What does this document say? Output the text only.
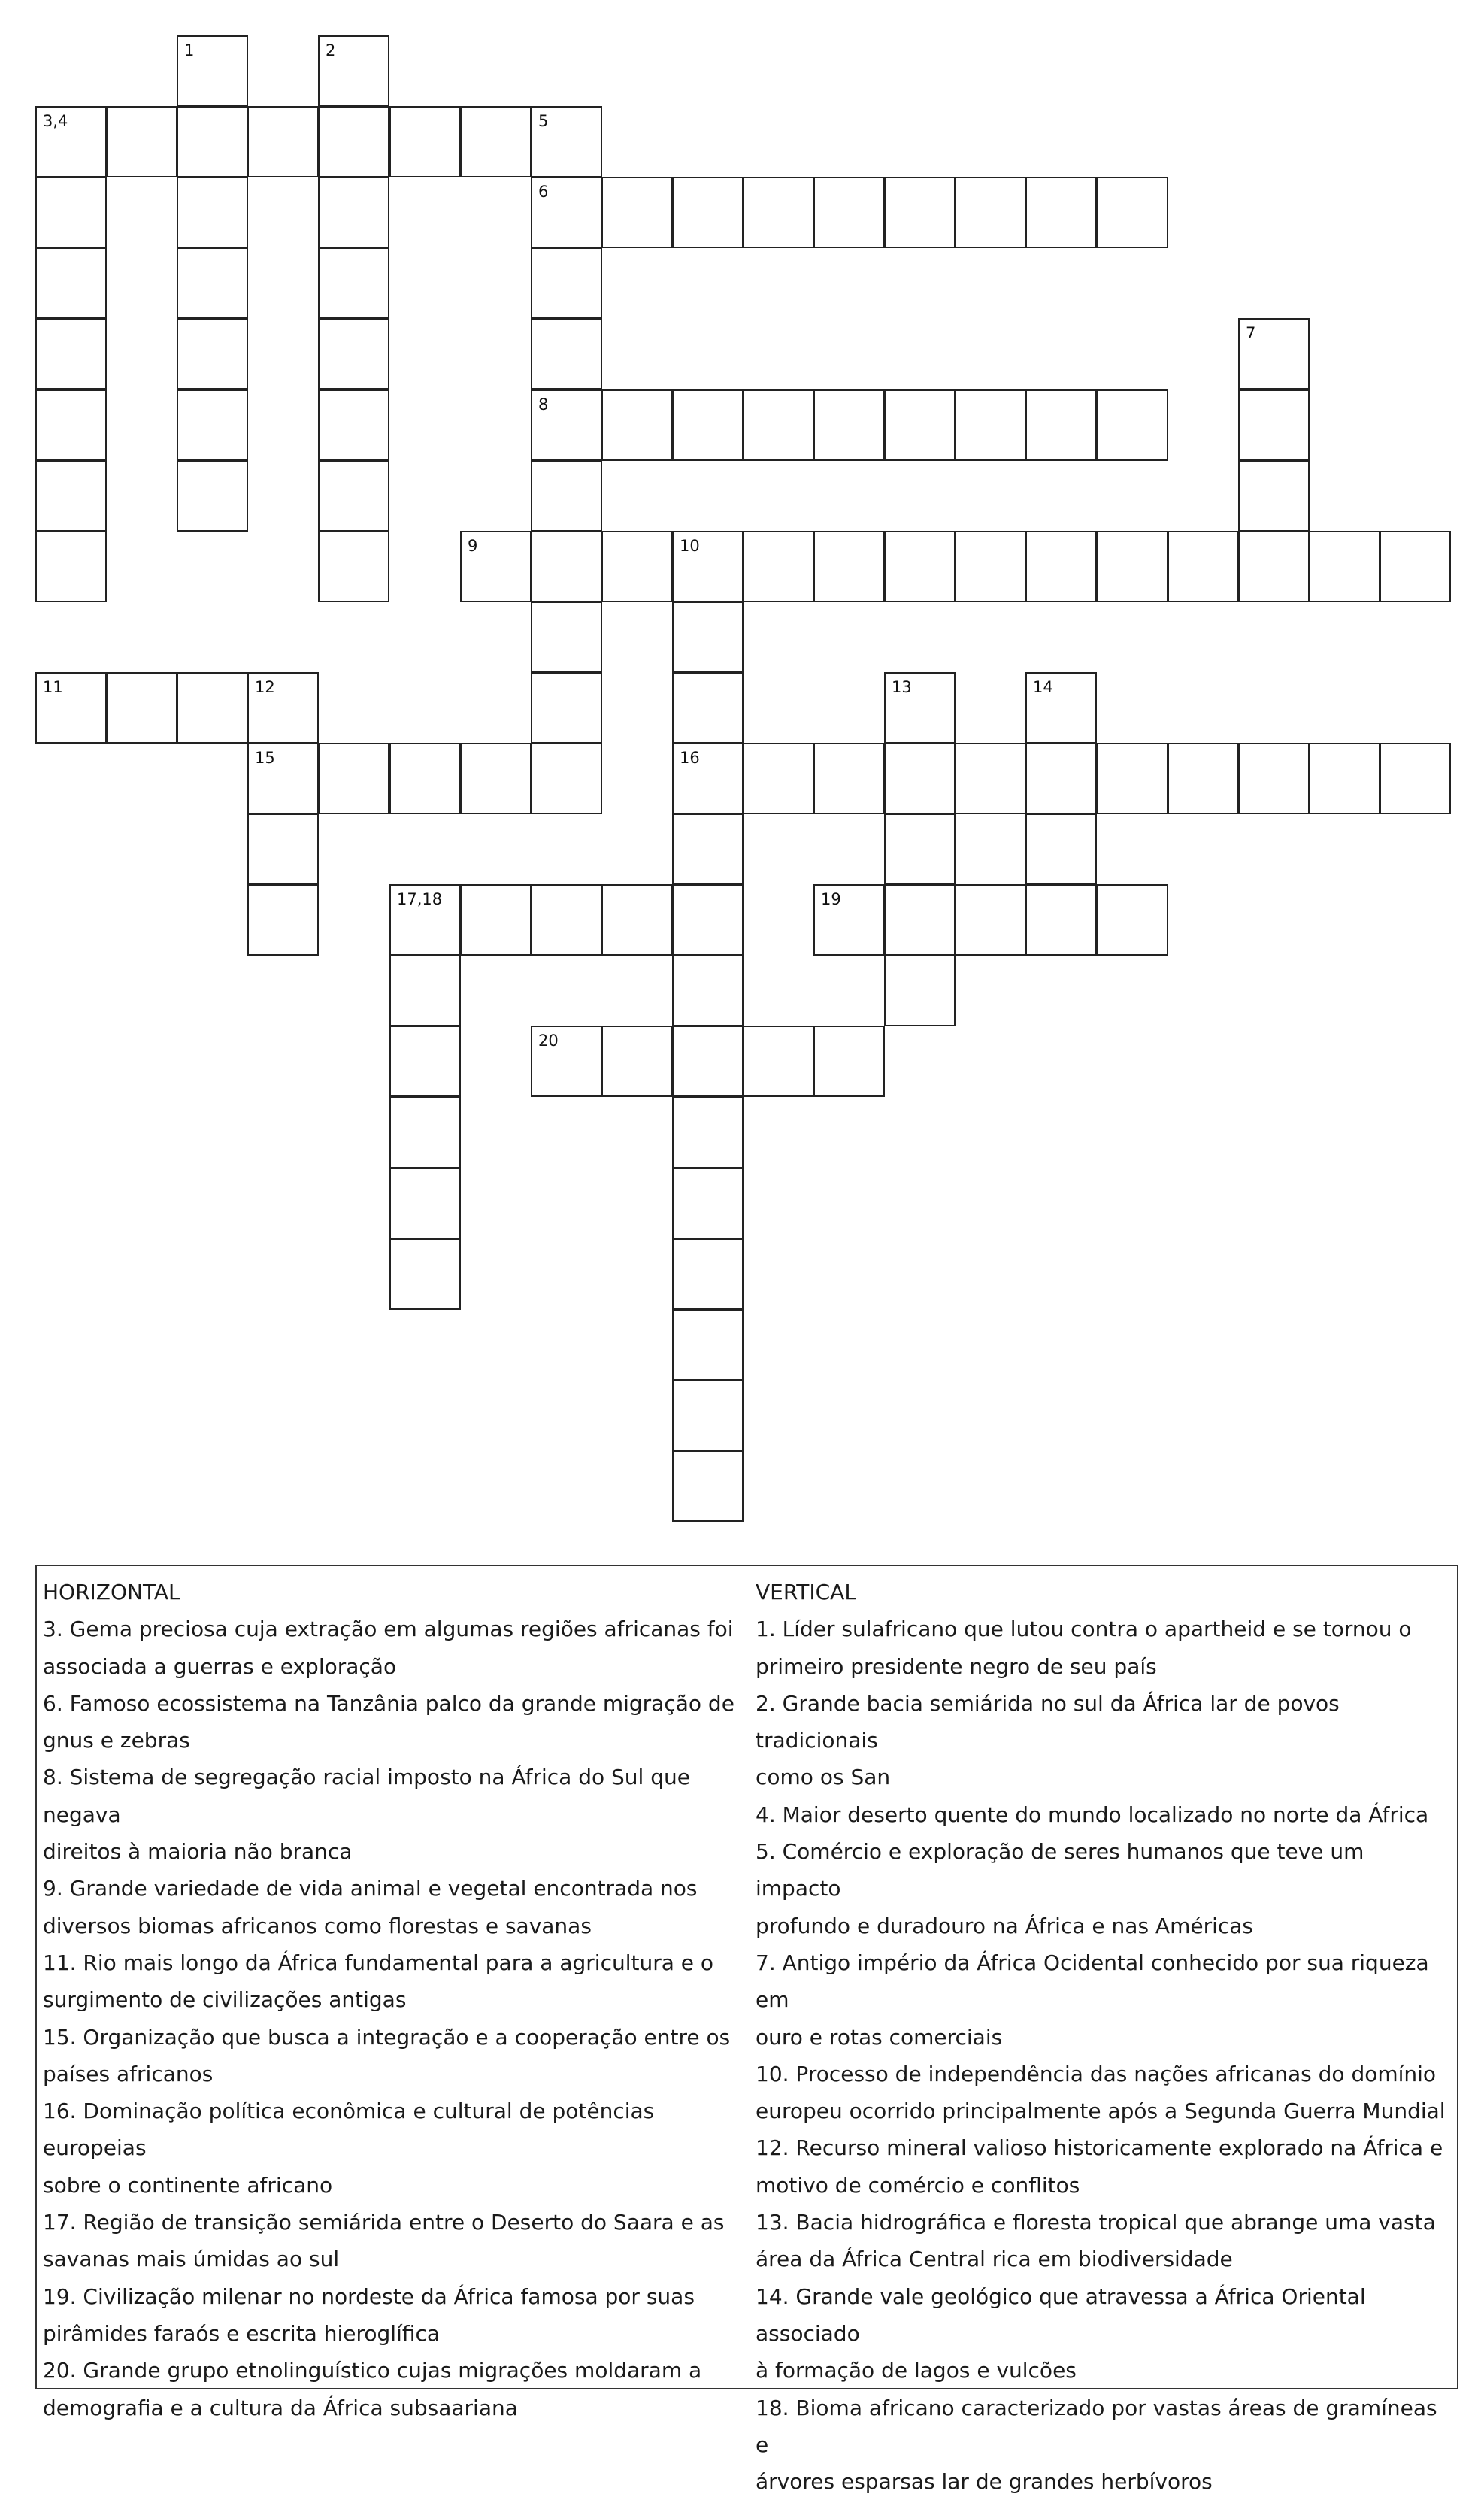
1	2
3,4	5
6
7
8
9	10
11	12	13	14
15	16
17,18	19
20
HORIZONTAL
3. Gema preciosa cuja extração em algumas regiões africanas foi
associada a guerras e exploração
6. Famoso ecossistema na Tanzânia palco da grande migração de
gnus e zebras
8. Sistema de segregação racial imposto na África do Sul que negava
direitos à maioria não branca
9. Grande variedade de vida animal e vegetal encontrada nos
diversos biomas africanos como florestas e savanas
11. Rio mais longo da África fundamental para a agricultura e o
surgimento de civilizações antigas
15. Organização que busca a integração e a cooperação entre os
países africanos
16. Dominação política econômica e cultural de potências europeias
sobre o continente africano
17. Região de transição semiárida entre o Deserto do Saara e as
savanas mais úmidas ao sul
19. Civilização milenar no nordeste da África famosa por suas
pirâmides faraós e escrita hieroglífica
20. Grande grupo etnolinguístico cujas migrações moldaram a
demografia e a cultura da África subsaariana
VERTICAL
1. Líder sulafricano que lutou contra o apartheid e se tornou o
primeiro presidente negro de seu país
2. Grande bacia semiárida no sul da África lar de povos tradicionais
como os San
4. Maior deserto quente do mundo localizado no norte da África
5. Comércio e exploração de seres humanos que teve um impacto
profundo e duradouro na África e nas Américas
7. Antigo império da África Ocidental conhecido por sua riqueza em
ouro e rotas comerciais
10. Processo de independência das nações africanas do domínio
europeu ocorrido principalmente após a Segunda Guerra Mundial
12. Recurso mineral valioso historicamente explorado na África e
motivo de comércio e conflitos
13. Bacia hidrográfica e floresta tropical que abrange uma vasta
área da África Central rica em biodiversidade
14. Grande vale geológico que atravessa a África Oriental associado
à formação de lagos e vulcões
18. Bioma africano caracterizado por vastas áreas de gramíneas e
árvores esparsas lar de grandes herbívoros
